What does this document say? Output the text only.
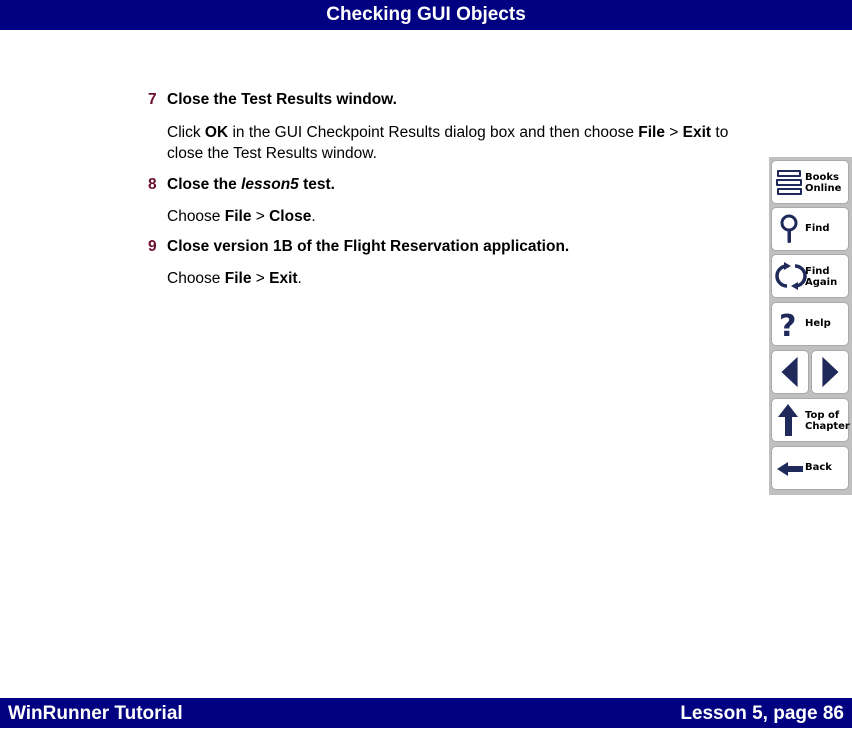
Checking GUI Objects
7 Close the Test Results window.
Click OK in the GUI Checkpoint Results dialog box and then choose File > Exit to close the Test Results window.
8 Close the lesson5 test.
Choose File > Close.
9 Close version 1B of the Flight Reservation application.
Choose File > Exit.
Books
Online
Find
Find
Again
? Help
Top of
Chapter
Back
WinRunner Tutorial	Lesson 5, page 86
